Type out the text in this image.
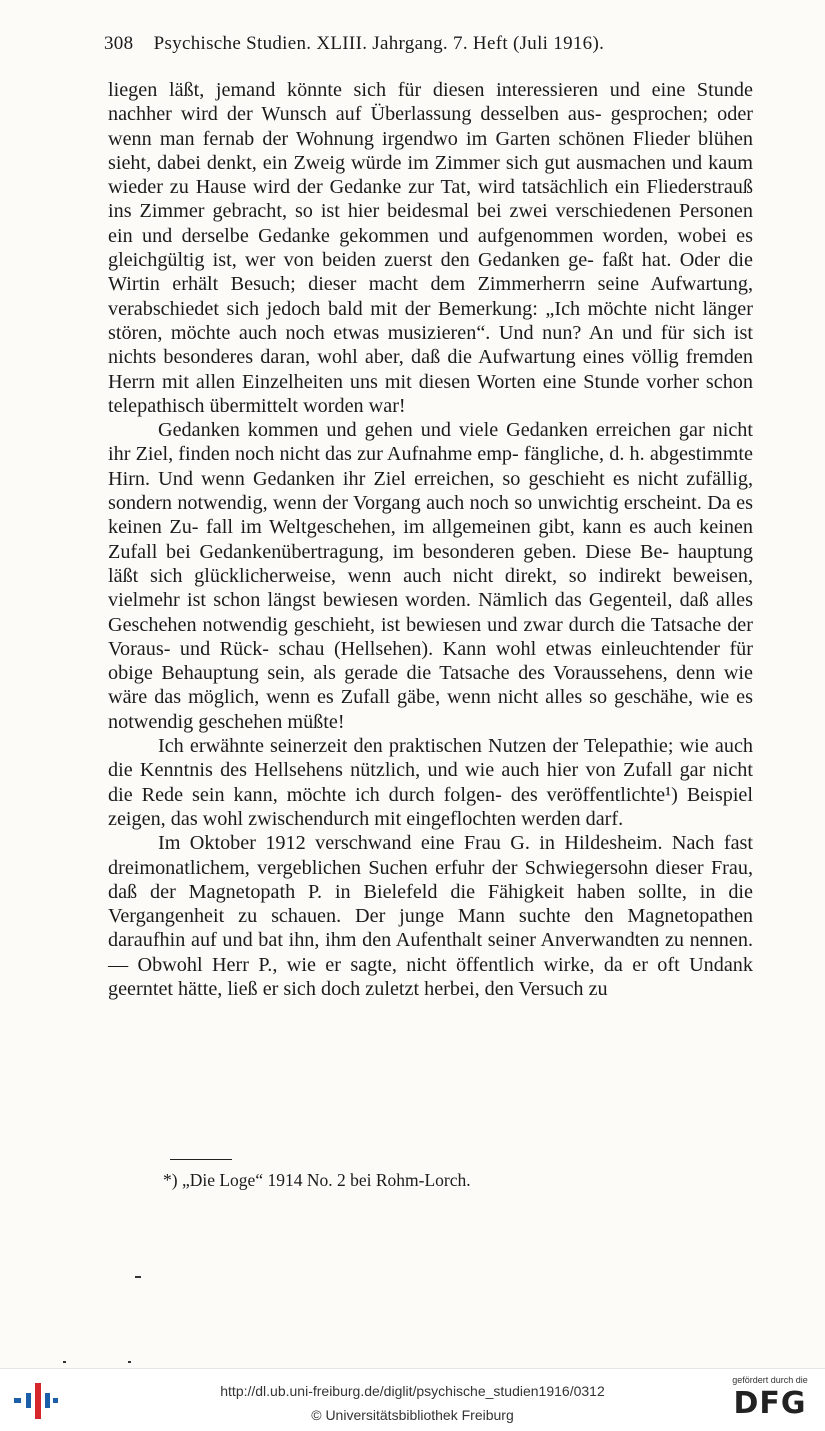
308 Psychische Studien. XLIII. Jahrgang. 7. Heft (Juli 1916).

liegen läßt, jemand könnte sich für diesen interessieren und eine Stunde nachher wird der Wunsch auf Überlassung desselben aus- gesprochen; oder wenn man fernab der Wohnung irgendwo im Garten schönen Flieder blühen sieht, dabei denkt, ein Zweig würde im Zimmer sich gut ausmachen und kaum wieder zu Hause wird der Gedanke zur Tat, wird tatsächlich ein Fliederstrauß ins Zimmer gebracht, so ist hier beidesmal bei zwei verschiedenen Personen ein und derselbe Gedanke gekommen und aufgenommen worden, wobei es gleichgültig ist, wer von beiden zuerst den Gedanken ge- faßt hat. Oder die Wirtin erhält Besuch; dieser macht dem Zimmerherrn seine Aufwartung, verabschiedet sich jedoch bald mit der Bemerkung: „Ich möchte nicht länger stören, möchte auch noch etwas musizieren“. Und nun? An und für sich ist nichts besonderes daran, wohl aber, daß die Aufwartung eines völlig fremden Herrn mit allen Einzelheiten uns mit diesen Worten eine Stunde vorher schon telepathisch übermittelt worden war!

Gedanken kommen und gehen und viele Gedanken erreichen gar nicht ihr Ziel, finden noch nicht das zur Aufnahme emp- fängliche, d. h. abgestimmte Hirn. Und wenn Gedanken ihr Ziel erreichen, so geschieht es nicht zufällig, sondern notwendig, wenn der Vorgang auch noch so unwichtig erscheint. Da es keinen Zu- fall im Weltgeschehen, im allgemeinen gibt, kann es auch keinen Zufall bei Gedankenübertragung, im besonderen geben. Diese Be- hauptung läßt sich glücklicherweise, wenn auch nicht direkt, so indirekt beweisen, vielmehr ist schon längst bewiesen worden. Nämlich das Gegenteil, daß alles Geschehen notwendig geschieht, ist bewiesen und zwar durch die Tatsache der Voraus- und Rück- schau (Hellsehen). Kann wohl etwas einleuchtender für obige Behauptung sein, als gerade die Tatsache des Voraussehens, denn wie wäre das möglich, wenn es Zufall gäbe, wenn nicht alles so geschähe, wie es notwendig geschehen müßte!

Ich erwähnte seinerzeit den praktischen Nutzen der Telepathie; wie auch die Kenntnis des Hellsehens nützlich, und wie auch hier von Zufall gar nicht die Rede sein kann, möchte ich durch folgen- des veröffentlichte¹) Beispiel zeigen, das wohl zwischendurch mit eingeflochten werden darf.

Im Oktober 1912 verschwand eine Frau G. in Hildesheim. Nach fast dreimonatlichem, vergeblichen Suchen erfuhr der Schwiegersohn dieser Frau, daß der Magnetopath P. in Bielefeld die Fähigkeit haben sollte, in die Vergangenheit zu schauen. Der junge Mann suchte den Magnetopathen daraufhin auf und bat ihn, ihm den Aufenthalt seiner Anverwandten zu nennen. — Obwohl Herr P., wie er sagte, nicht öffentlich wirke, da er oft Undank geerntet hätte, ließ er sich doch zuletzt herbei, den Versuch zu

*) „Die Loge“ 1914 No. 2 bei Rohm-Lorch.
http://dl.ub.uni-freiburg.de/diglit/psychische_studien1916/0312
© Universitätsbibliothek Freiburg
gefördert durch die
DFG
